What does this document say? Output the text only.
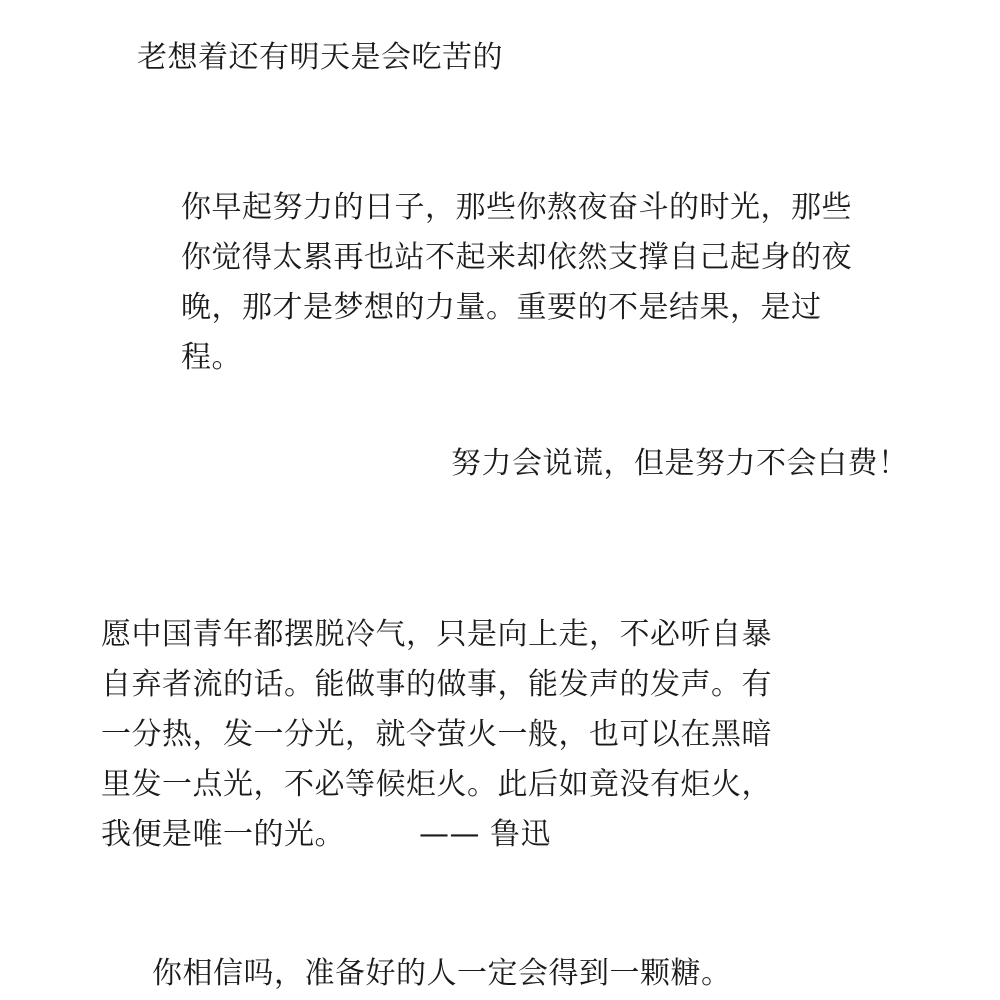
老想着还有明天是会吃苦的
你早起努力的日子，那些你熬夜奋斗的时光，那些
你觉得太累再也站不起来却依然支撑自己起身的夜
晚，那才是梦想的力量。重要的不是结果，是过
程。
努力会说谎，但是努力不会白费！
愿中国青年都摆脱冷气，只是向上走，不必听自暴
自弃者流的话。能做事的做事，能发声的发声。有
一分热，发一分光，就令萤火一般，也可以在黑暗
里发一点光，不必等候炬火。此后如竟没有炬火，
我便是唯一的光。 —— 鲁迅
你相信吗，准备好的人一定会得到一颗糖。
